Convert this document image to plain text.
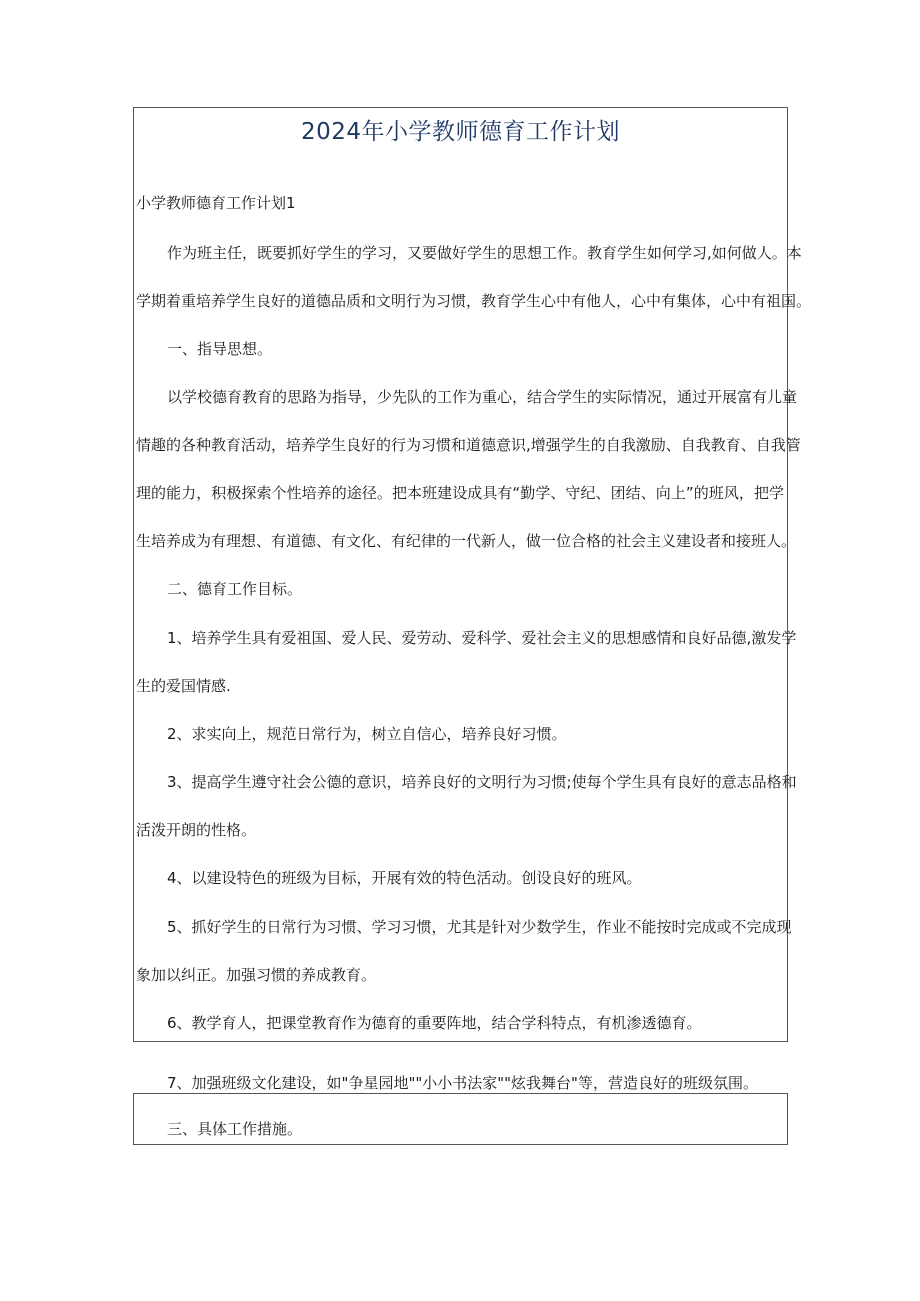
2024年小学教师德育工作计划
小学教师德育工作计划1
作为班主任，既要抓好学生的学习，又要做好学生的思想工作。教育学生如何学习,如何做人。本
学期着重培养学生良好的道德品质和文明行为习惯，教育学生心中有他人，心中有集体，心中有祖国。
一、指导思想。
以学校德育教育的思路为指导，少先队的工作为重心，结合学生的实际情况，通过开展富有儿童
情趣的各种教育活动，培养学生良好的行为习惯和道德意识,增强学生的自我激励、自我教育、自我管
理的能力，积极探索个性培养的途径。把本班建设成具有“勤学、守纪、团结、向上”的班风，把学
生培养成为有理想、有道德、有文化、有纪律的一代新人，做一位合格的社会主义建设者和接班人。
二、德育工作目标。
1、培养学生具有爱祖国、爱人民、爱劳动、爱科学、爱社会主义的思想感情和良好品德,激发学
生的爱国情感.
2、求实向上，规范日常行为，树立自信心，培养良好习惯。
3、提高学生遵守社会公德的意识，培养良好的文明行为习惯;使每个学生具有良好的意志品格和
活泼开朗的性格。
4、以建设特色的班级为目标，开展有效的特色活动。创设良好的班风。
5、抓好学生的日常行为习惯、学习习惯，尤其是针对少数学生，作业不能按时完成或不完成现
象加以纠正。加强习惯的养成教育。
6、教学育人，把课堂教育作为德育的重要阵地，结合学科特点，有机渗透德育。
7、加强班级文化建设，如"争星园地""小小书法家""炫我舞台"等，营造良好的班级氛围。
三、具体工作措施。
